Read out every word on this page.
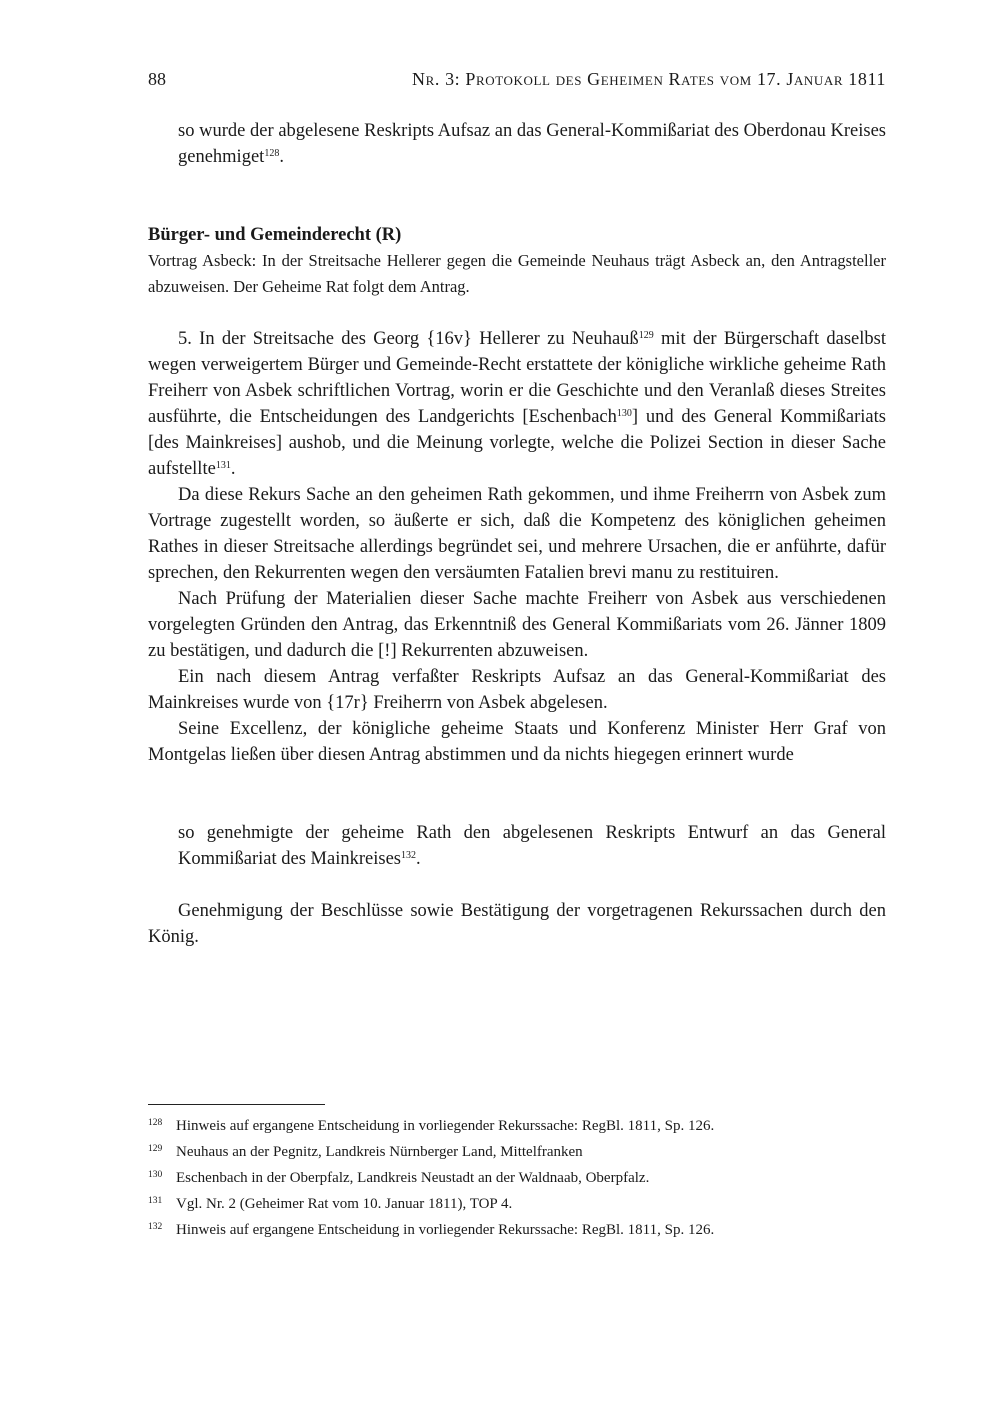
88	Nr. 3: Protokoll des Geheimen Rates vom 17. Januar 1811

so wurde der abgelesene Reskripts Aufsaz an das General-Kommißariat des Oberdonau Kreises genehmiget$^{128}$.

Bürger- und Gemeinderecht (R)
Vortrag Asbeck: In der Streitsache Hellerer gegen die Gemeinde Neuhaus trägt Asbeck an, den Antragsteller abzuweisen. Der Geheime Rat folgt dem Antrag.

5. In der Streitsache des Georg {16v} Hellerer zu Neuhauß$^{129}$ mit der Bürgerschaft daselbst wegen verweigertem Bürger und Gemeinde-Recht erstattete der königliche wirkliche geheime Rath Freiherr von Asbek schriftlichen Vortrag, worin er die Geschichte und den Veranlaß dieses Streites ausführte, die Entscheidungen des Landgerichts [Eschenbach$^{130}$] und des General Kommißariats [des Mainkreises] aushob, und die Meinung vorlegte, welche die Polizei Section in dieser Sache aufstellte$^{131}$.

Da diese Rekurs Sache an den geheimen Rath gekommen, und ihme Freiherrn von Asbek zum Vortrage zugestellt worden, so äußerte er sich, daß die Kompetenz des königlichen geheimen Rathes in dieser Streitsache allerdings begründet sei, und mehrere Ursachen, die er anführte, dafür sprechen, den Rekurrenten wegen den versäumten Fatalien brevi manu zu restituiren.

Nach Prüfung der Materialien dieser Sache machte Freiherr von Asbek aus verschiedenen vorgelegten Gründen den Antrag, das Erkenntniß des General Kommißariats vom 26. Jänner 1809 zu bestätigen, und dadurch die [!] Rekurrenten abzuweisen.

Ein nach diesem Antrag verfaßter Reskripts Aufsaz an das General-Kommißariat des Mainkreises wurde von {17r} Freiherrn von Asbek abgelesen.

Seine Excellenz, der königliche geheime Staats und Konferenz Minister Herr Graf von Montgelas ließen über diesen Antrag abstimmen und da nichts hiegegen erinnert wurde

so genehmigte der geheime Rath den abgelesenen Reskripts Entwurf an das General Kommißariat des Mainkreises$^{132}$.

Genehmigung der Beschlüsse sowie Bestätigung der vorgetragenen Rekurssachen durch den König.

128 Hinweis auf ergangene Entscheidung in vorliegender Rekurssache: RegBl. 1811, Sp. 126.
129 Neuhaus an der Pegnitz, Landkreis Nürnberger Land, Mittelfranken
130 Eschenbach in der Oberpfalz, Landkreis Neustadt an der Waldnaab, Oberpfalz.
131 Vgl. Nr. 2 (Geheimer Rat vom 10. Januar 1811), TOP 4.
132 Hinweis auf ergangene Entscheidung in vorliegender Rekurssache: RegBl. 1811, Sp. 126.
